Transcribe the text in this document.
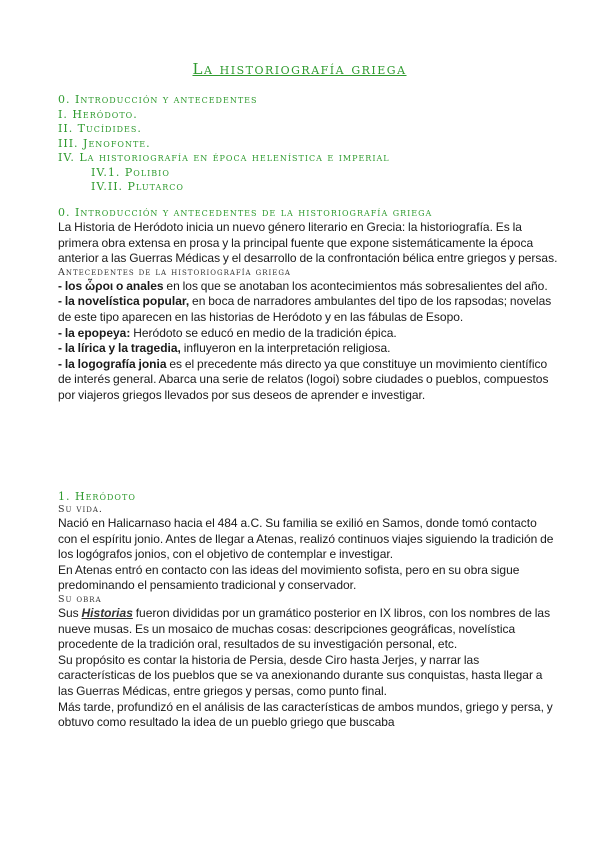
La historiografía griega
0. Introducción y antecedentes
I. Heródoto.
II. Tucídides.
III. Jenofonte.
IV. La historiografía en época helenística e imperial
IV.1. Polibio
IV.II. Plutarco
0. Introducción y antecedentes de la historiografía griega

La Historia de Heródoto inicia un nuevo género literario en Grecia: la historiografía. Es la primera obra extensa en prosa y la principal fuente que expone sistemáticamente la época anterior a las Guerras Médicas y el desarrollo de la confrontación bélica entre griegos y persas.

Antecedentes de la historiografía griega

- los ὧροι o anales en los que se anotaban los acontecimientos más sobresalientes del año.

- la novelística popular, en boca de narradores ambulantes del tipo de los rapsodas; novelas de este tipo aparecen en las historias de Heródoto y en las fábulas de Esopo.

- la epopeya: Heródoto se educó en medio de la tradición épica.

- la lírica y la tragedia, influyeron en la interpretación religiosa.

- la logografía jonia es el precedente más directo ya que constituye un movimiento científico de interés general. Abarca una serie de relatos (logoi) sobre ciudades o pueblos, compuestos por viajeros griegos llevados por sus deseos de aprender e investigar.

1. Heródoto
Su vida.

Nació en Halicarnaso hacia el 484 a.C. Su familia se exilió en Samos, donde tomó contacto con el espíritu jonio. Antes de llegar a Atenas, realizó continuos viajes siguiendo la tradición de los logógrafos jonios, con el objetivo de contemplar e investigar.

En Atenas entró en contacto con las ideas del movimiento sofista, pero en su obra sigue predominando el pensamiento tradicional y conservador.

Su obra

Sus Historias fueron divididas por un gramático posterior en IX libros, con los nombres de las nueve musas. Es un mosaico de muchas cosas: descripciones geográficas, novelística procedente de la tradición oral, resultados de su investigación personal, etc.

Su propósito es contar la historia de Persia, desde Ciro hasta Jerjes, y narrar las características de los pueblos que se va anexionando durante sus conquistas, hasta llegar a las Guerras Médicas, entre griegos y persas, como punto final.

Más tarde, profundizó en el análisis de las características de ambos mundos, griego y persa, y obtuvo como resultado la idea de un pueblo griego que buscaba
